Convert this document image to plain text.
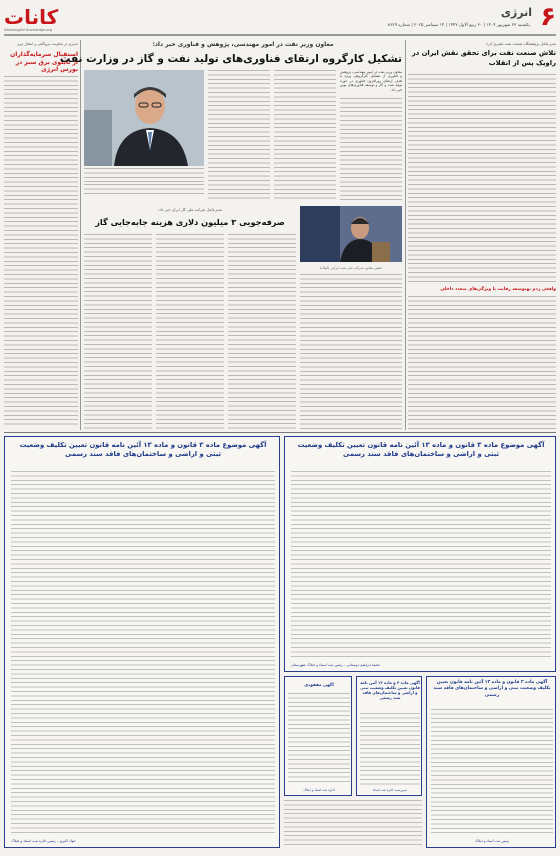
کانات
Daneshgahi Knowledge.org	۶
انرژی
یکشنبه ۲۳ شهریور ۱۴۰۴ | ۳۰ ربیع الاول ۱۴۴۷ | ۱۴ سپتامبر ۲۰۲۵ | شماره ۸۶۲۹
مدیری در معاونت نیروگاهی و انتقال نیرو
استقبال سرمایه‌گذاران از تابلوی برق سبز در بورس انرژی
معاون وزیر نفت در امور مهندسی، پژوهش و فناوری خبر داد:
تشکیل کارگروه ارتقای فناوری‌های تولید نفت و گاز در وزارت نفت
معاون وزیر نفت در امور مهندسی، پژوهش و فناوری از تشکیل کارگروهی ویژه با هدف ارتقای روزافزون فناوری در حوزه تولید نفت و گاز و توسعه فناوری‌های نوین خبر داد.
مدیرعامل پژوهشگاه صنعت نفت تشریح کرد:
تلاش صنعت نفت برای تحقق نقش ایران در راویک پس از انقلاب
واقعی زدم بهتوسعه رقابت با ویژگی‌های متعدد داخلی
جشن معاون شرکت ملی نفت ایرانی (آیفک)
مدیرعامل شرکت ملی گاز ایران خبر داد:
صرفه‌جویی ۳ میلیون دلاری هزینه جابه‌جایی گاز
آگهی موضوع ماده ۳ قانون و ماده ۱۳ آئین نامه قانون تعیین تکلیف وضعیت ثبتی و اراضی و ساختمان‌های فاقد سند رسمی
محمد ابراهیم دوستانی - رئیس ثبت اسناد و املاک شهرستان
آگهی موضوع ماده ۳ قانون و ماده ۱۳ آئین نامه قانون تعیین تکلیف وضعیت ثبتی و اراضی و ساختمان‌های فاقد سند رسمی
جواد اکبری - رئیس اداره ثبت اسناد و املاک
آگهی ماده ۳ قانون و ماده ۱۳ آئین نامه قانون تعیین تکلیف وضعیت ثبتی و اراضی و ساختمان‌های فاقد سند رسمی
رئیس ثبت اسناد و املاک
آگهی ماده ۳ و ماده ۱۳ آئین نامه قانون تعیین تکلیف وضعیت ثبتی و اراضی و ساختمان‌های فاقد سند رسمی
سرپرست اداره ثبت اسناد
آگهی مفقودی
اداره ثبت اسناد و املاک
